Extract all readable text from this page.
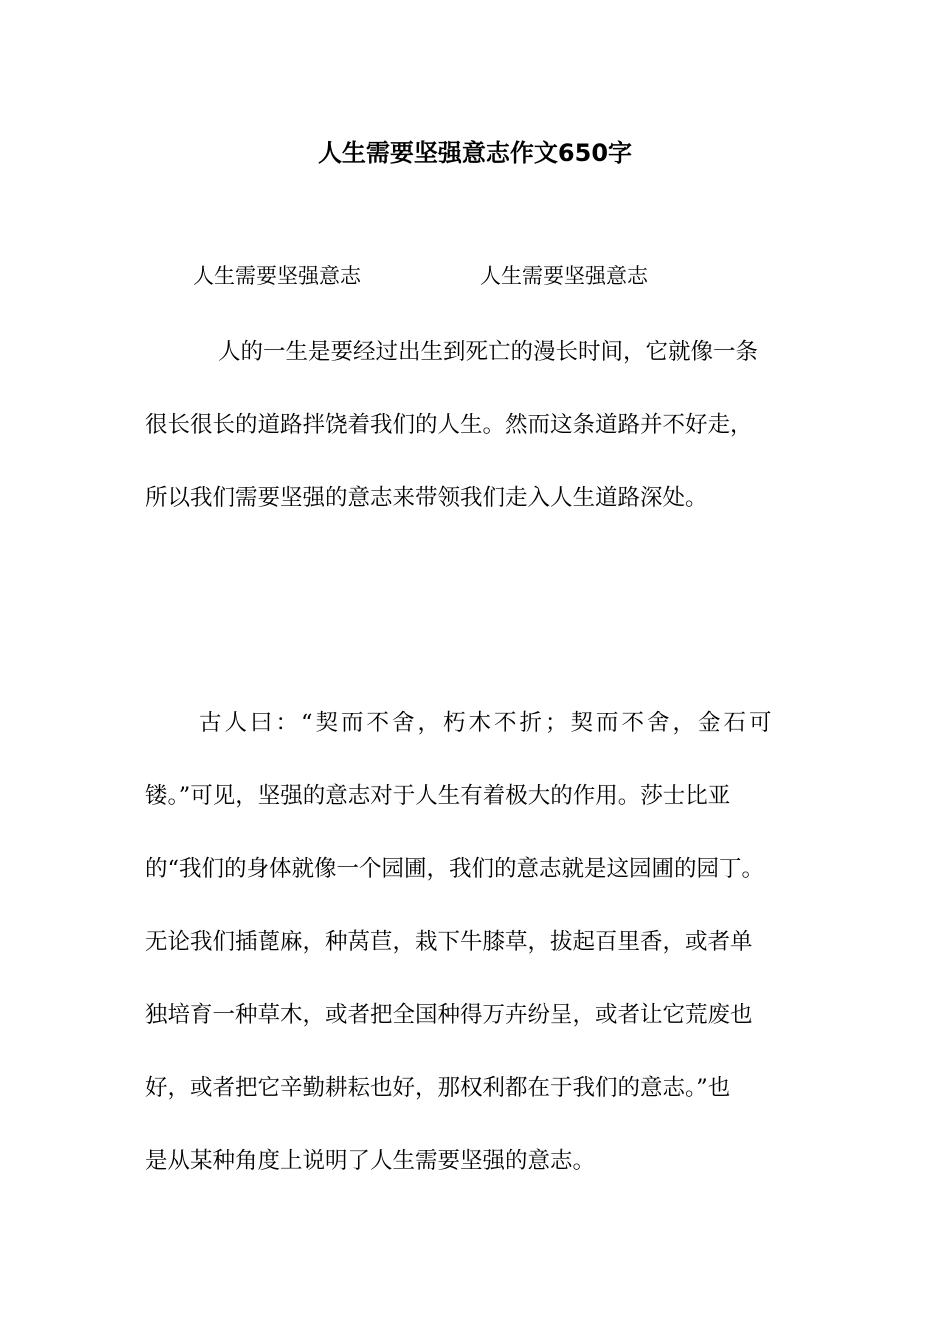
人生需要坚强意志作文650字
人生需要坚强意志	人生需要坚强意志
人的一生是要经过出生到死亡的漫长时间，它就像一条
很长很长的道路拌饶着我们的人生。然而这条道路并不好走，
所以我们需要坚强的意志来带领我们走入人生道路深处。
古人曰：“契而不舍，朽木不折；契而不舍，金石可
镂。”可见，坚强的意志对于人生有着极大的作用。莎士比亚
的“我们的身体就像一个园圃，我们的意志就是这园圃的园丁。
无论我们插蓖麻，种莴苣，栽下牛膝草，拔起百里香，或者单
独培育一种草木，或者把全国种得万卉纷呈，或者让它荒废也
好，或者把它辛勤耕耘也好，那权利都在于我们的意志。”也
是从某种角度上说明了人生需要坚强的意志。
